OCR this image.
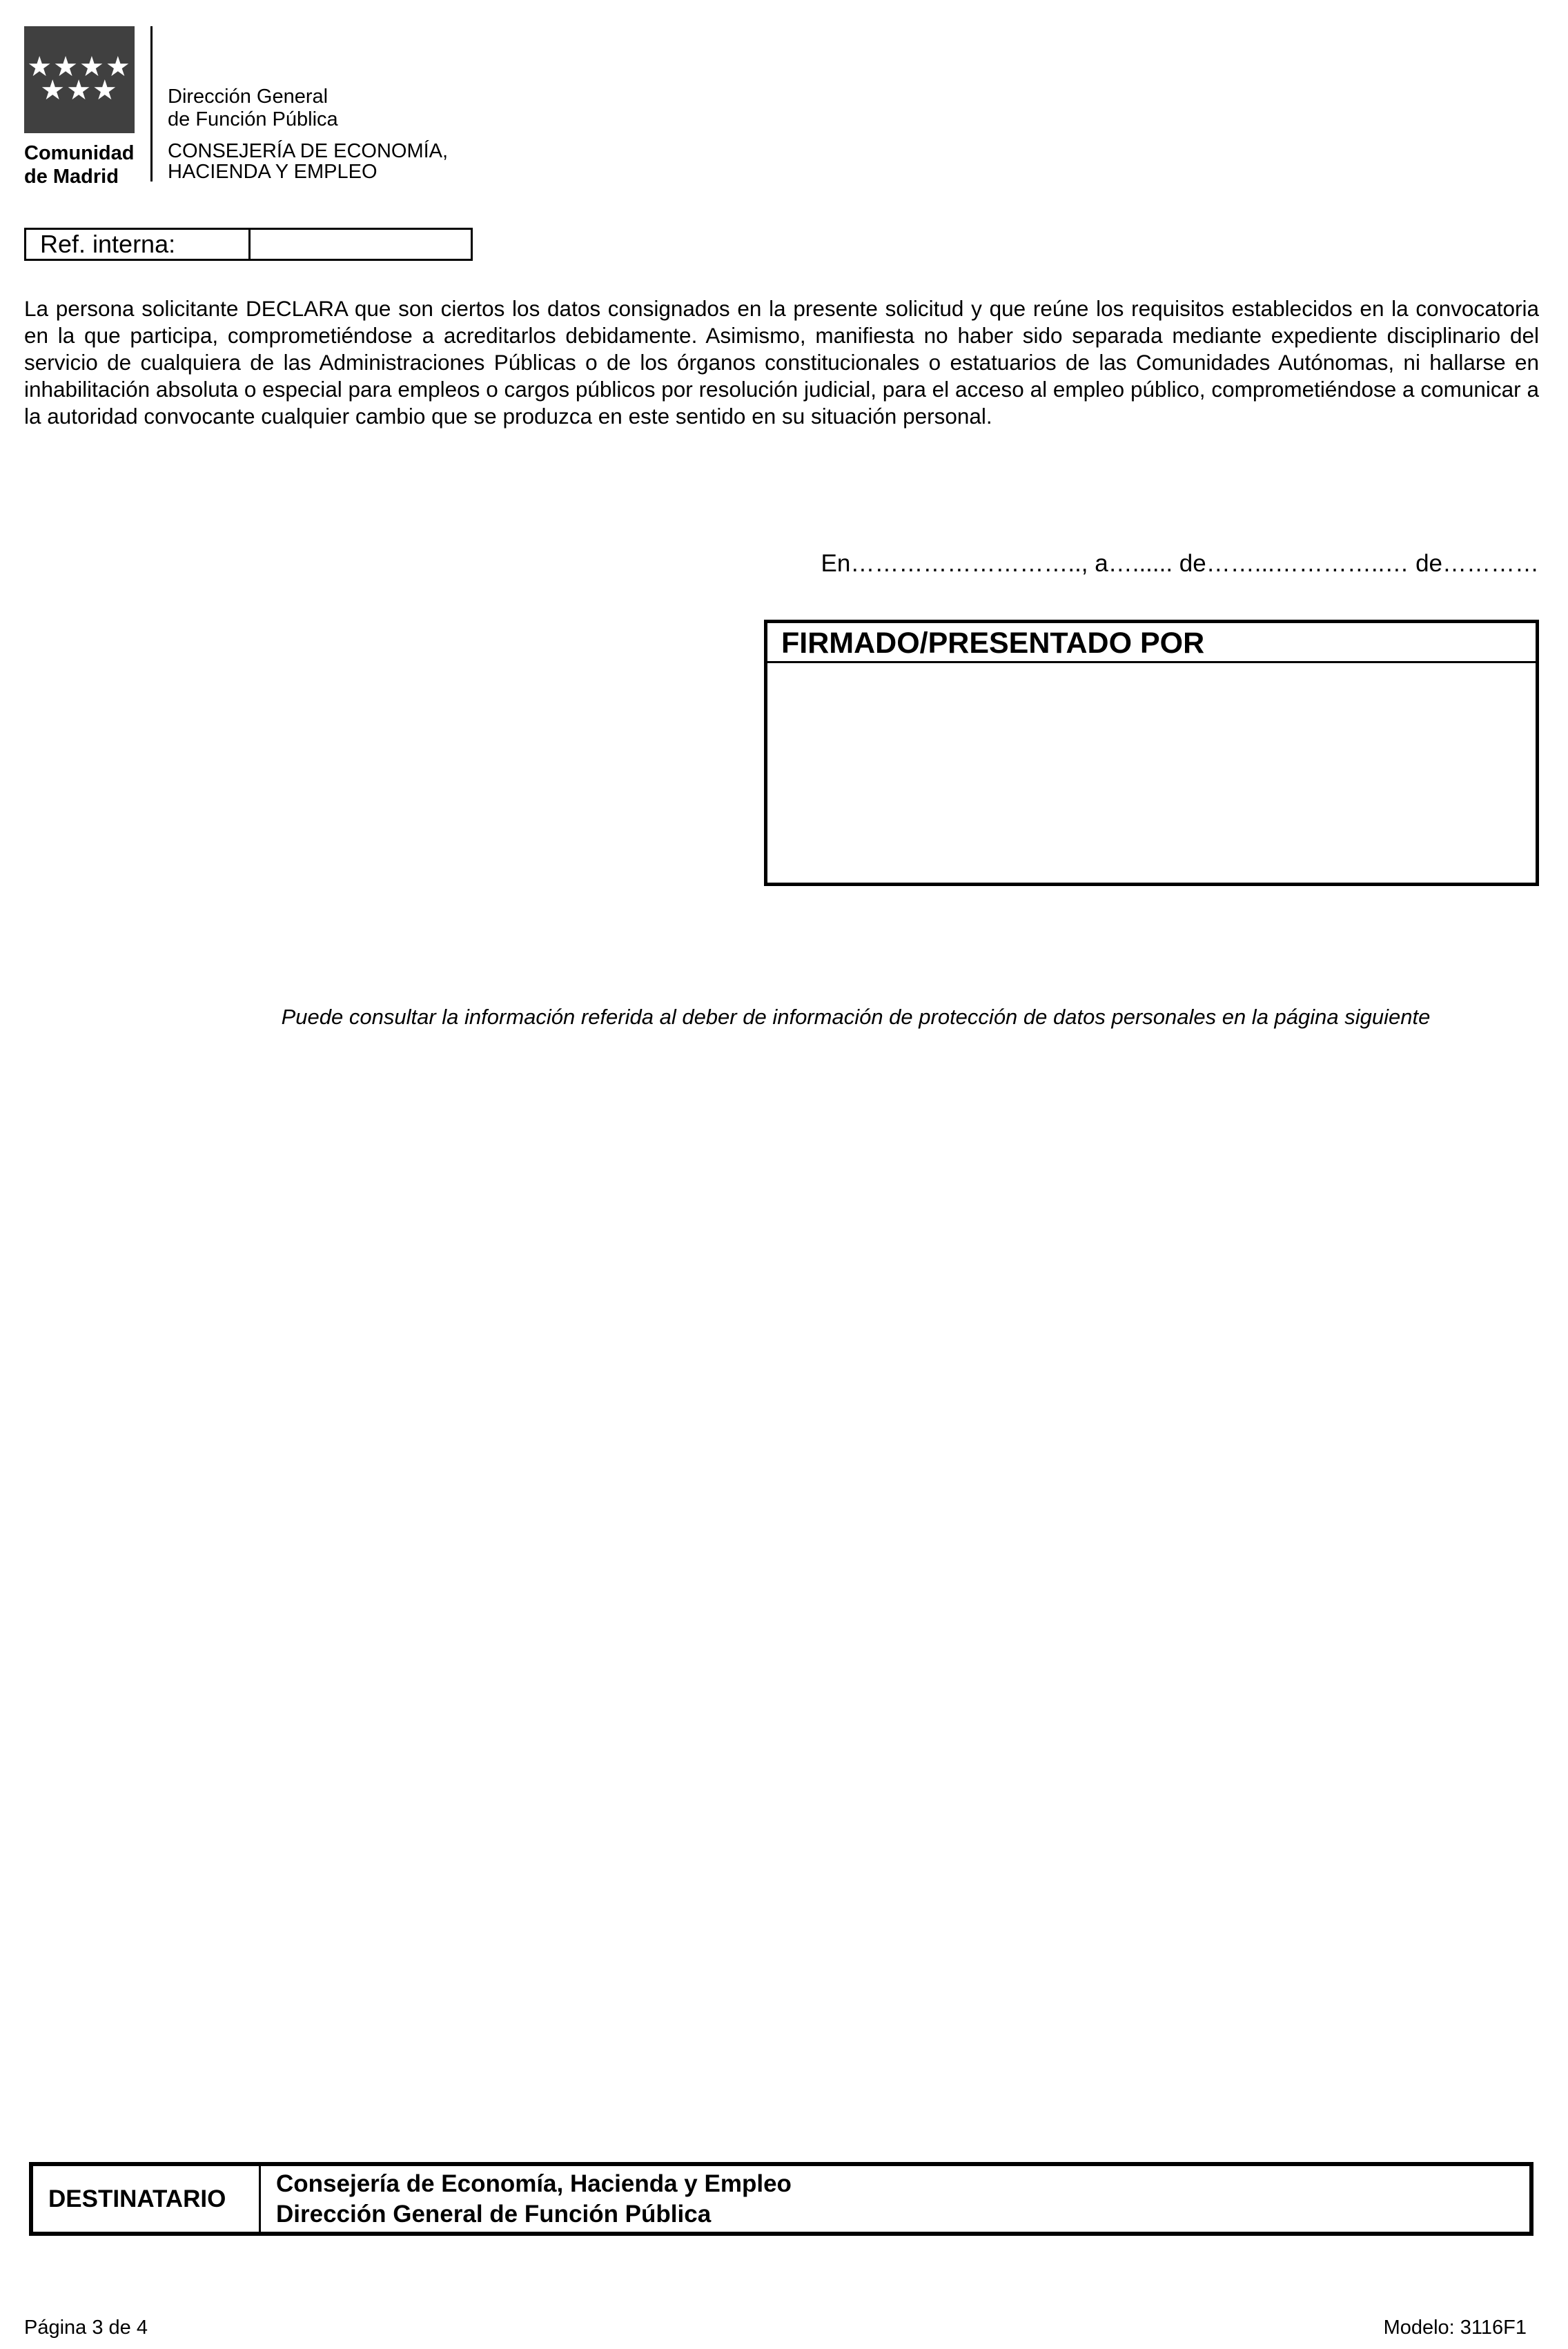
★★★★
★★★
Comunidad
de Madrid
Dirección General
de Función Pública
CONSEJERÍA DE ECONOMÍA,
HACIENDA Y EMPLEO
Ref. interna:
La persona solicitante DECLARA que son ciertos los datos consignados en la presente solicitud y que reúne los requisitos establecidos en la convocatoria en la que participa, comprometiéndose a acreditarlos debidamente. Asimismo, manifiesta no haber sido separada mediante expediente disciplinario del servicio de cualquiera de las Administraciones Públicas o de los órganos constitucionales o estatuarios de las Comunidades Autónomas, ni hallarse en inhabilitación absoluta o especial para empleos o cargos públicos por resolución judicial, para el acceso al empleo público, comprometiéndose a comunicar a la autoridad convocante cualquier cambio que se produzca en este sentido en su situación personal.
En……………………….., a…...... de……...…………..… de…………
FIRMADO/PRESENTADO POR
Puede consultar la información referida al deber de información de protección de datos personales en la página siguiente
DESTINATARIO
Consejería de Economía, Hacienda y Empleo
Dirección General de Función Pública
Página 3 de 4	Modelo: 3116F1
